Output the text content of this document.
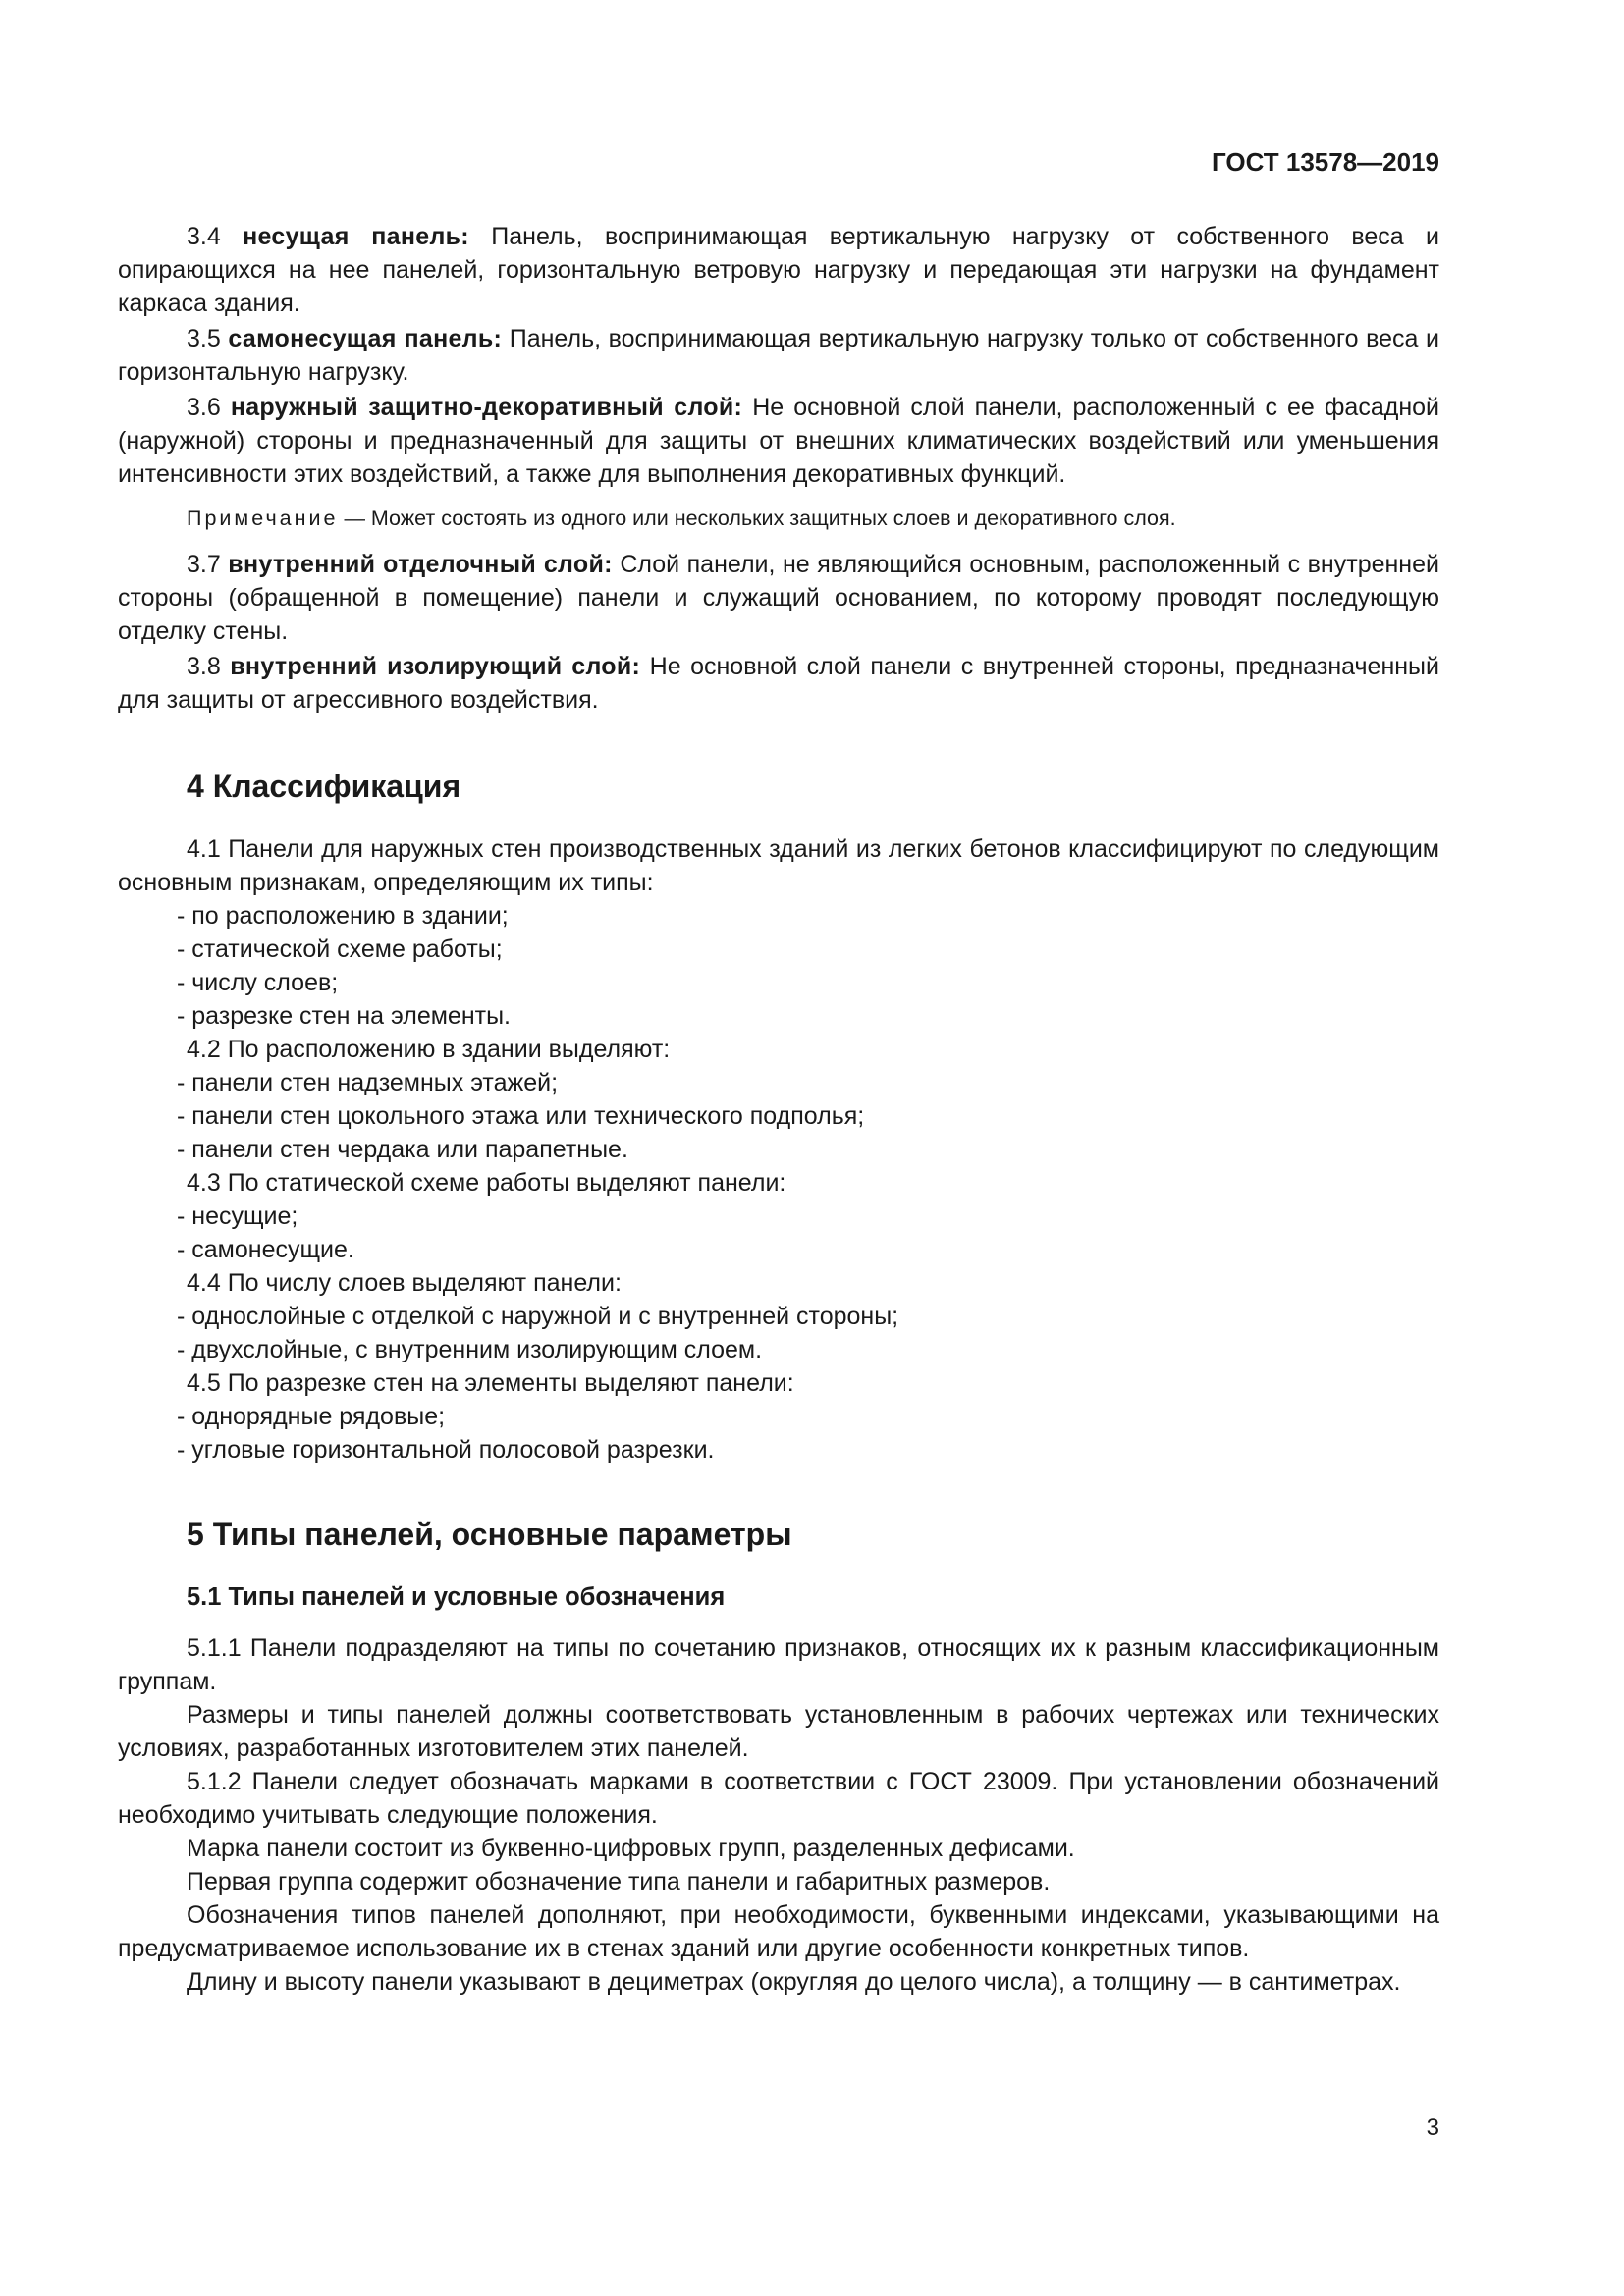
ГОСТ 13578—2019

3.4 несущая панель: Панель, воспринимающая вертикальную нагрузку от собственного веса и опирающихся на нее панелей, горизонтальную ветровую нагрузку и передающая эти нагрузки на фундамент каркаса здания.

3.5 самонесущая панель: Панель, воспринимающая вертикальную нагрузку только от собственного веса и горизонтальную нагрузку.

3.6 наружный защитно-декоративный слой: Не основной слой панели, расположенный с ее фасадной (наружной) стороны и предназначенный для защиты от внешних климатических воздействий или уменьшения интенсивности этих воздействий, а также для выполнения декоративных функций.

Примечание — Может состоять из одного или нескольких защитных слоев и декоративного слоя.

3.7 внутренний отделочный слой: Слой панели, не являющийся основным, расположенный с внутренней стороны (обращенной в помещение) панели и служащий основанием, по которому проводят последующую отделку стены.

3.8 внутренний изолирующий слой: Не основной слой панели с внутренней стороны, предназначенный для защиты от агрессивного воздействия.

4 Классификация

4.1 Панели для наружных стен производственных зданий из легких бетонов классифицируют по следующим основным признакам, определяющим их типы:

- по расположению в здании;

- статической схеме работы;

- числу слоев;

- разрезке стен на элементы.

4.2 По расположению в здании выделяют:

- панели стен надземных этажей;

- панели стен цокольного этажа или технического подполья;

- панели стен чердака или парапетные.

4.3 По статической схеме работы выделяют панели:

- несущие;

- самонесущие.

4.4 По числу слоев выделяют панели:

- однослойные с отделкой с наружной и с внутренней стороны;

- двухслойные, с внутренним изолирующим слоем.

4.5 По разрезке стен на элементы выделяют панели:

- однорядные рядовые;

- угловые горизонтальной полосовой разрезки.

5 Типы панелей, основные параметры
5.1 Типы панелей и условные обозначения

5.1.1 Панели подразделяют на типы по сочетанию признаков, относящих их к разным классификационным группам.

Размеры и типы панелей должны соответствовать установленным в рабочих чертежах или технических условиях, разработанных изготовителем этих панелей.

5.1.2 Панели следует обозначать марками в соответствии с ГОСТ 23009. При установлении обозначений необходимо учитывать следующие положения.

Марка панели состоит из буквенно-цифровых групп, разделенных дефисами.

Первая группа содержит обозначение типа панели и габаритных размеров.

Обозначения типов панелей дополняют, при необходимости, буквенными индексами, указывающими на предусматриваемое использование их в стенах зданий или другие особенности конкретных типов.

Длину и высоту панели указывают в дециметрах (округляя до целого числа), а толщину — в сантиметрах.

3
